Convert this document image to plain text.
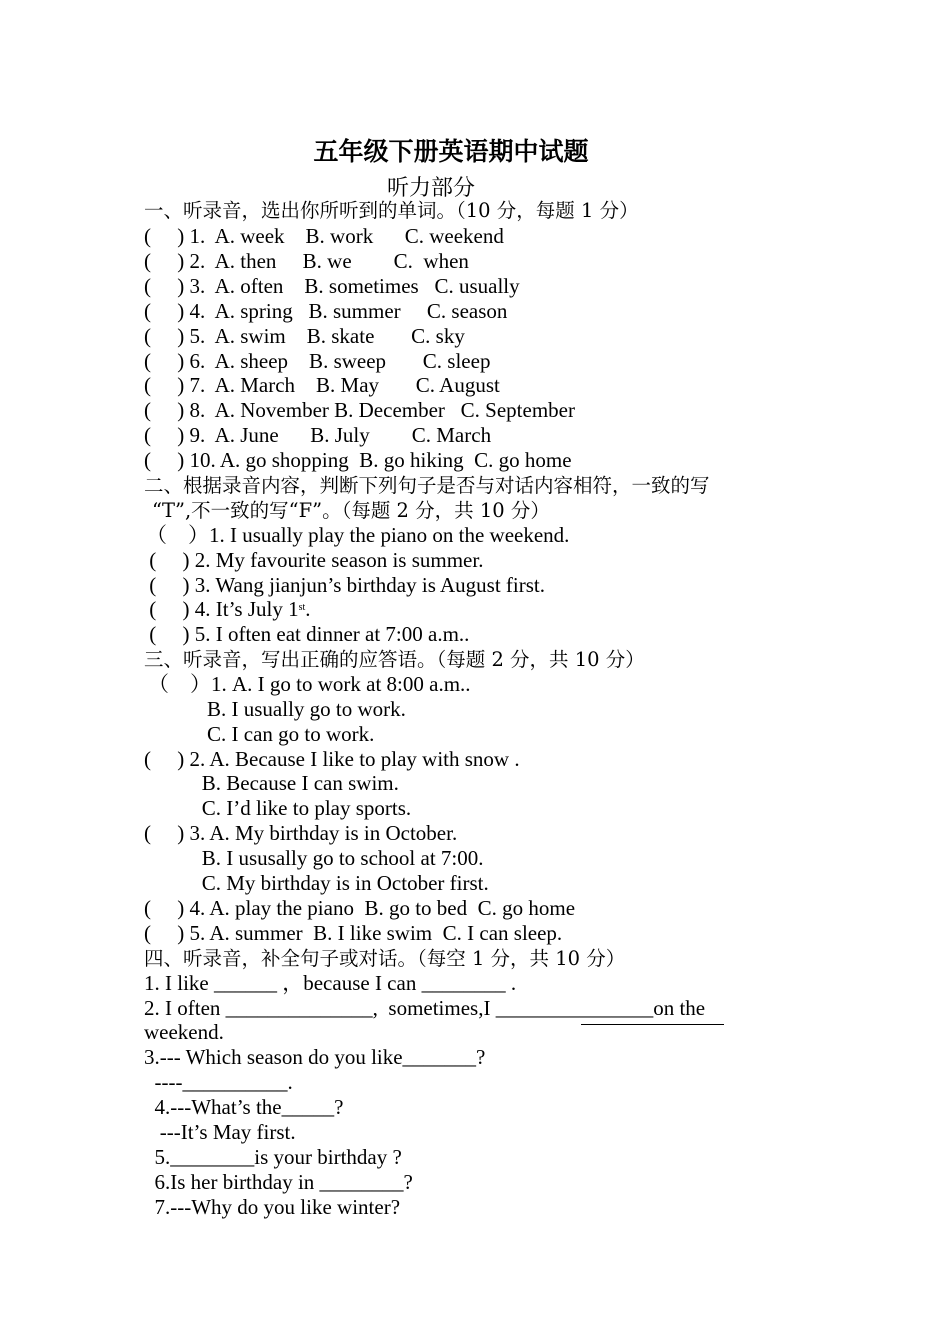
五年级下册英语期中试题
听力部分
一、听录音，选出你所听到的单词。（10 分，每题 1 分）
(     ) 1.  A. week    B. work      C. weekend
(     ) 2.  A. then     B. we        C.  when
(     ) 3.  A. often    B. sometimes   C. usually
(     ) 4.  A. spring   B. summer     C. season
(     ) 5.  A. swim    B. skate       C. sky
(     ) 6.  A. sheep    B. sweep       C. sleep
(     ) 7.  A. March    B. May       C. August
(     ) 8.  A. November B. December   C. September
(     ) 9.  A. June      B. July        C. March
(     ) 10. A. go shopping  B. go hiking  C. go home
二、根据录音内容，判断下列句子是否与对话内容相符，一致的写
“T”,不一致的写“F”。（每题 2 分，共 10 分）
（    ）1. I usually play the piano on the weekend.
(     ) 2. My favourite season is summer.
(     ) 3. Wang jianjun’s birthday is August first.
(     ) 4. It’s July 1st.
(     ) 5. I often eat dinner at 7:00 a.m..
三、听录音，写出正确的应答语。（每题 2 分，共 10 分）
（    ）1. A. I go to work at 8:00 a.m..
B. I usually go to work.
C. I can go to work.
(     ) 2. A. Because I like to play with snow .
B. Because I can swim.
C. I’d like to play sports.
(     ) 3. A. My birthday is in October.
B. I ususally go to school at 7:00.
C. My birthday is in October first.
(     ) 4. A. play the piano  B. go to bed  C. go home
(     ) 5. A. summer  B. I like swim  C. I can sleep.
四、听录音，补全句子或对话。（每空 1 分，共 10 分）
1. I like ______ ，because I can ________ .
2. I often ______________,  sometimes,I _______________on the
weekend.
3.--- Which season do you like_______?
----__________.
4.---What’s the_____?
---It’s May first.
5.________is your birthday ?
6.Is her birthday in ________?
7.---Why do you like winter?
